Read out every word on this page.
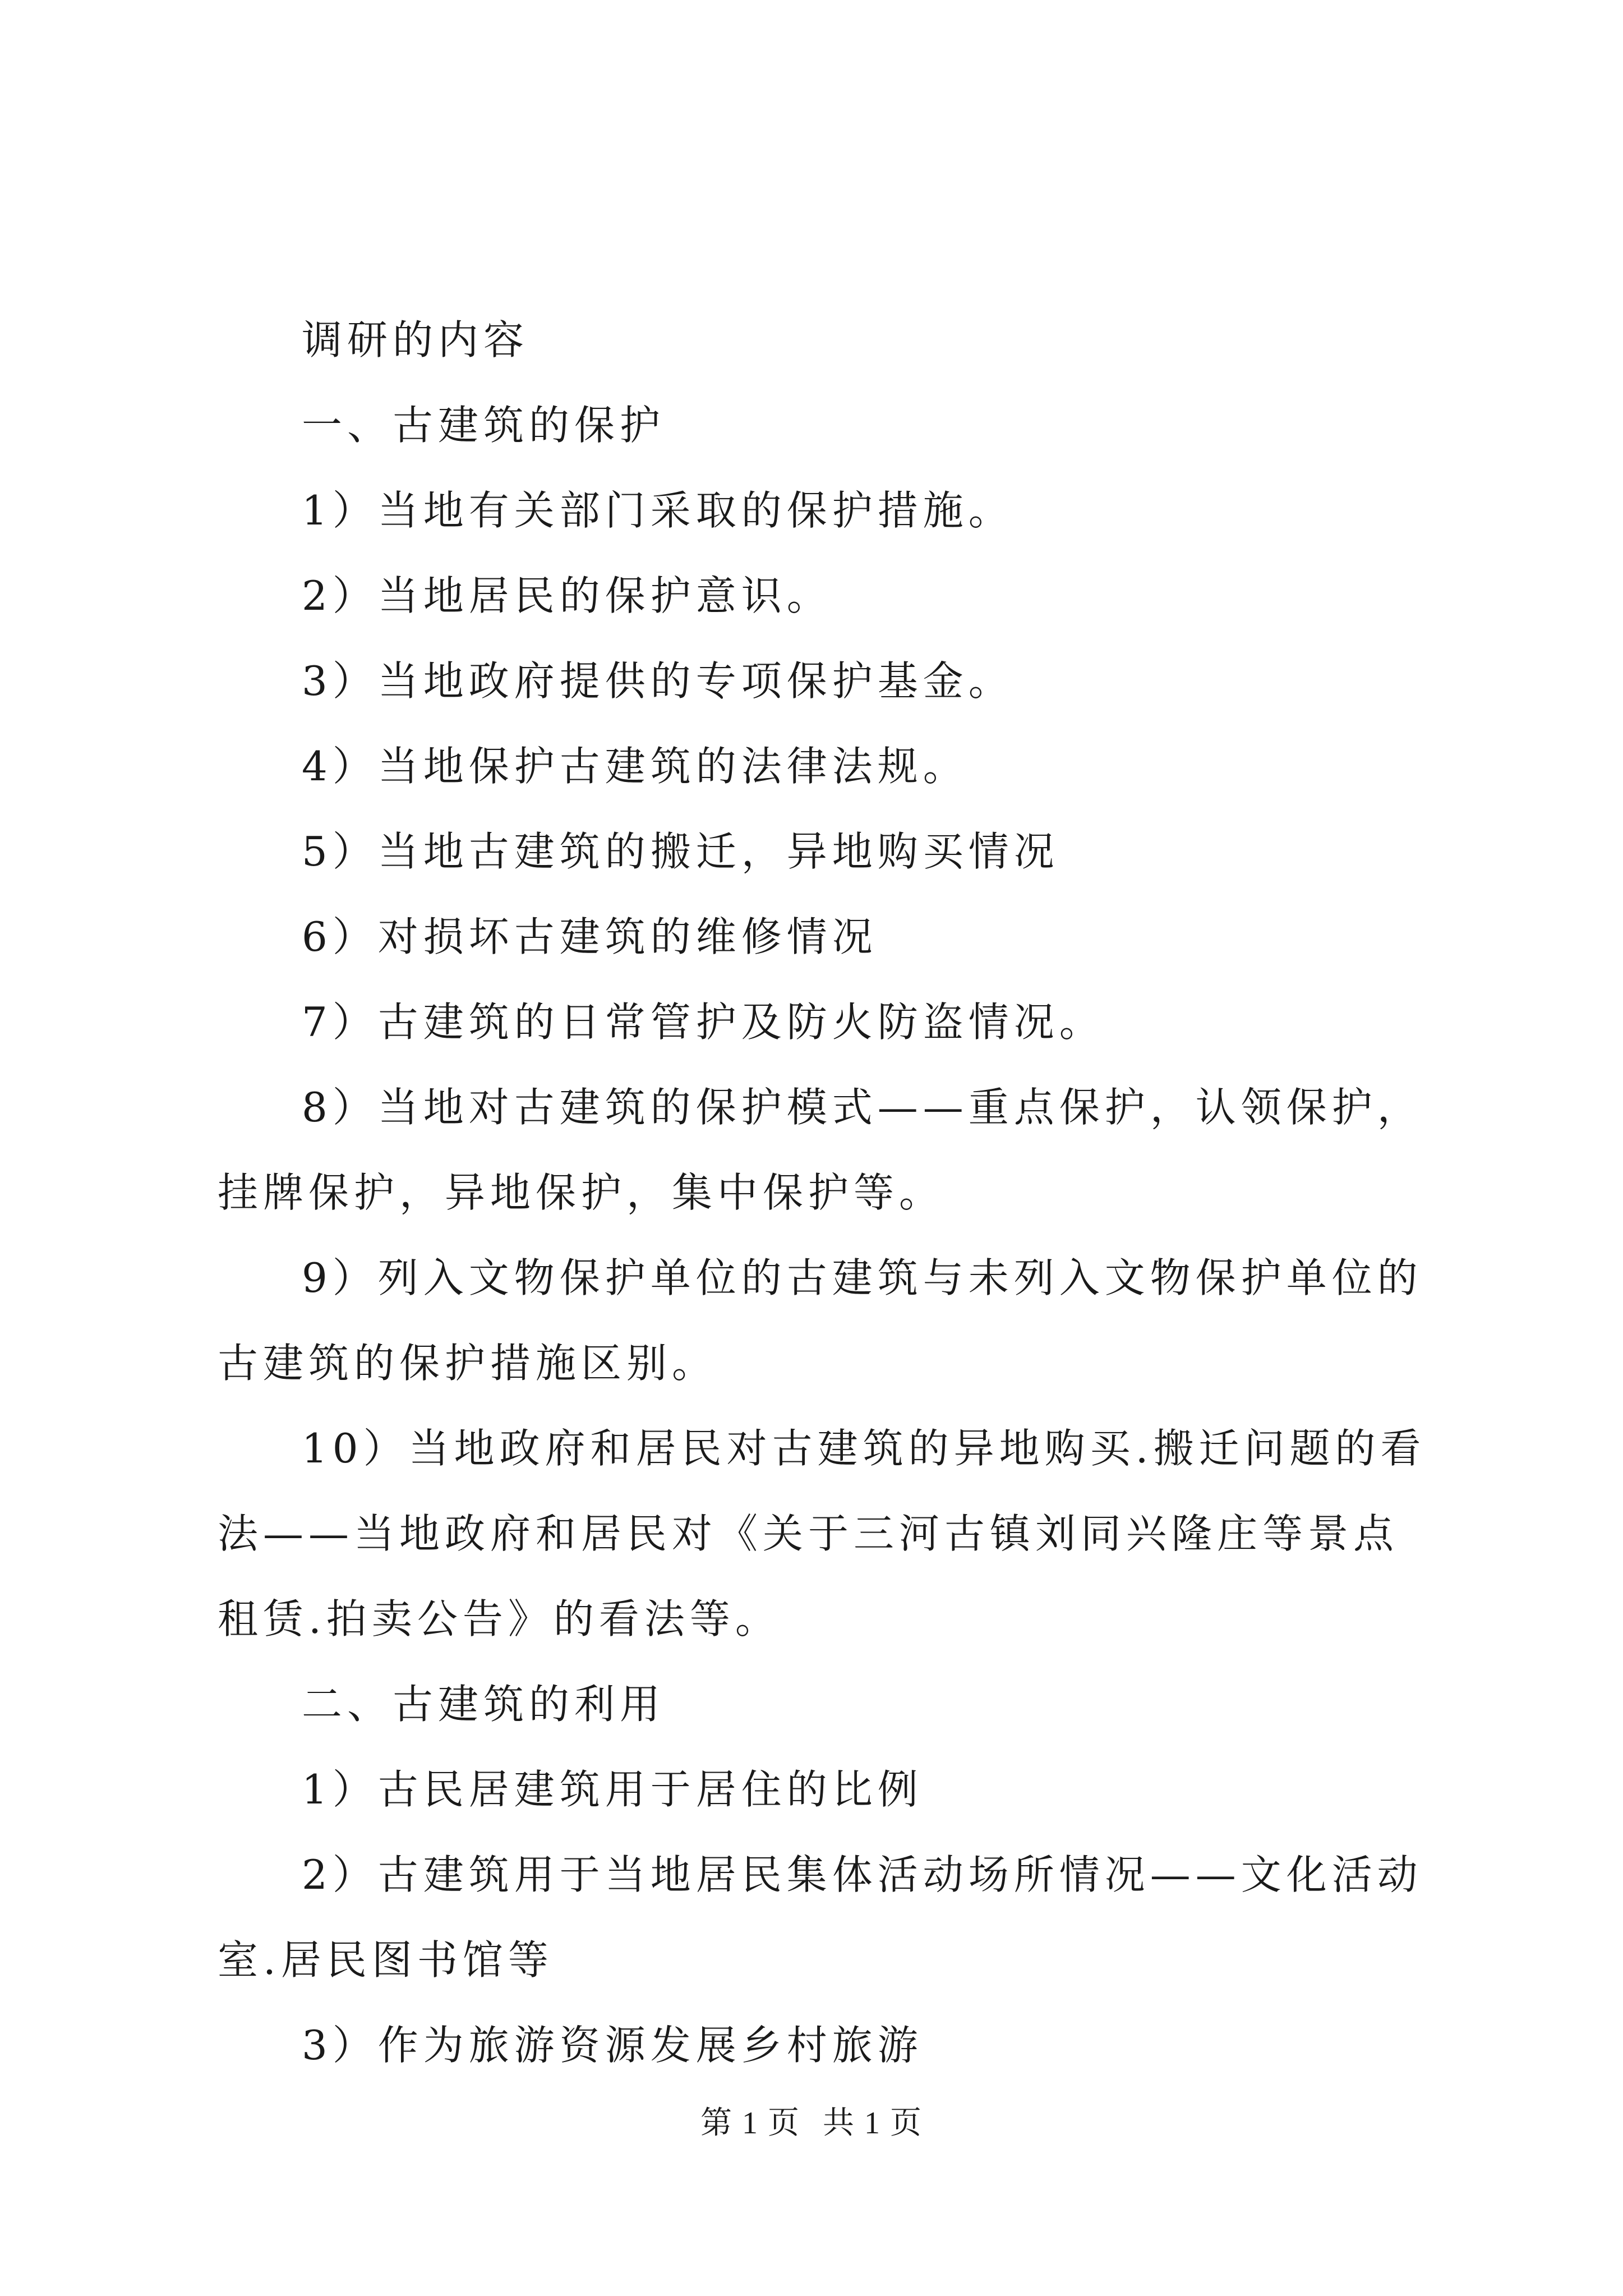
调研的内容

一、古建筑的保护

1）当地有关部门采取的保护措施。

2）当地居民的保护意识。

3）当地政府提供的专项保护基金。

4）当地保护古建筑的法律法规。

5）当地古建筑的搬迁，异地购买情况

6）对损坏古建筑的维修情况

7）古建筑的日常管护及防火防盗情况。

8）当地对古建筑的保护模式——重点保护，认领保护，挂牌保护，异地保护，集中保护等。

9）列入文物保护单位的古建筑与未列入文物保护单位的古建筑的保护措施区别。

10）当地政府和居民对古建筑的异地购买.搬迁问题的看法——当地政府和居民对《关于三河古镇刘同兴隆庄等景点租赁.拍卖公告》的看法等。

二、古建筑的利用

1）古民居建筑用于居住的比例

2）古建筑用于当地居民集体活动场所情况——文化活动室.居民图书馆等

3）作为旅游资源发展乡村旅游

第 1 页 共 1 页
